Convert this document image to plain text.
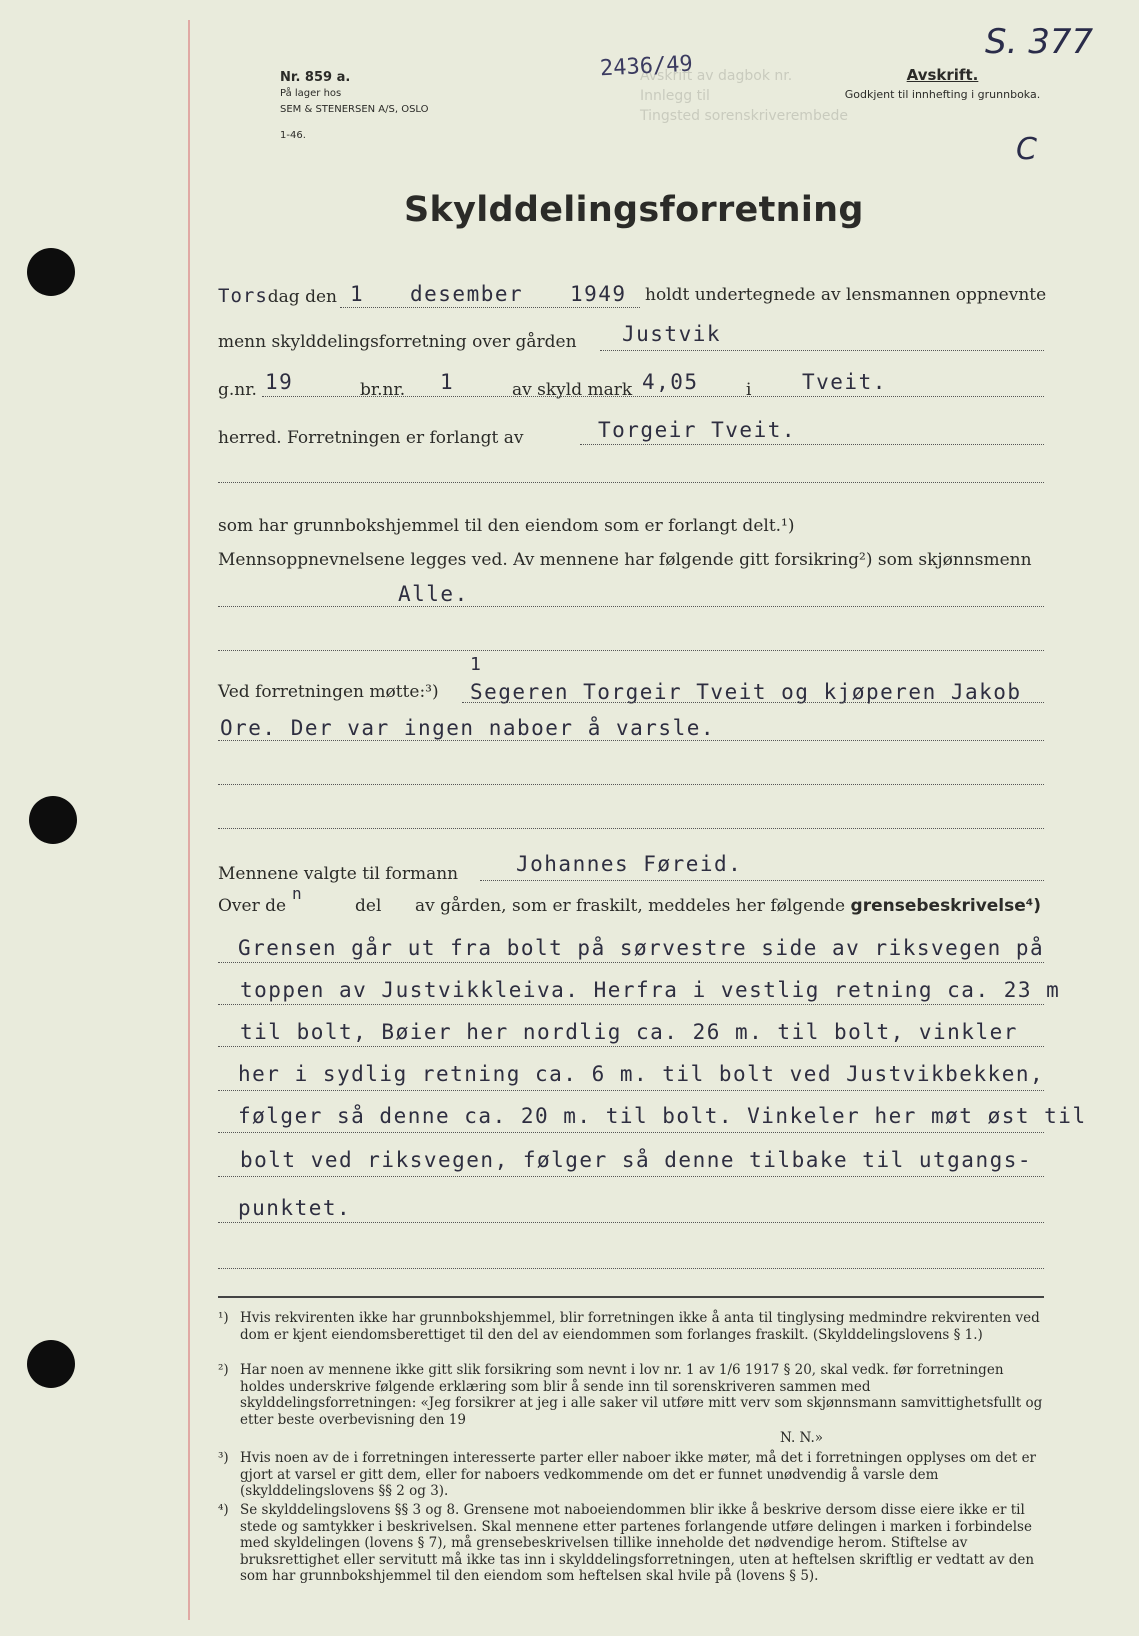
Nr. 859 a.
På lager hos
SEM & STENERSEN A/S, OSLO
1-46.
Avskrift av dagbok nr.
Innlegg til
Tingsted sorenskriverembede
2436/49
S. 377
C
Avskrift.
Godkjent til innhefting i grunnboka.
Skylddelingsforretning
Torsdag den 1 desember 1949 holdt undertegnede av lensmannen oppnevnte
menn skylddelingsforretning over gården Justvik
g.nr. 19	br.nr. 1	av skyld mark 4,05	i Tveit.
herred. Forretningen er forlangt av	Torgeir Tveit.
som har grunnbokshjemmel til den eiendom som er forlangt delt.¹)
Mennsoppnevnelsene legges ved. Av mennene har følgende gitt forsikring²) som skjønnsmenn
Alle.
Ved forretningen møtte:³)
1
Segeren Torgeir Tveit og kjøperen Jakob
Ore. Der var ingen naboer å varsle.
Mennene valgte til formann	Johannes Føreid.
Over de
n
del av gården, som er fraskilt, meddeles her følgende grensebeskrivelse⁴)
Grensen går ut fra bolt på sørvestre side av riksvegen på
toppen av Justvikkleiva. Herfra i vestlig retning ca. 23 m
til bolt, Bøier her nordlig ca. 26 m. til bolt, vinkler
her i sydlig retning ca. 6 m. til bolt ved Justvikbekken,
følger så denne ca. 20 m. til bolt. Vinkeler her møt øst til
bolt ved riksvegen, følger så denne tilbake til utgangs-
punktet.
¹) Hvis rekvirenten ikke har grunnbokshjemmel, blir forretningen ikke å anta til tinglysing medmindre rekvirenten ved dom er kjent eiendomsberettiget til den del av eiendommen som forlanges fraskilt. (Skylddelingslovens § 1.)
²) Har noen av mennene ikke gitt slik forsikring som nevnt i lov nr. 1 av 1/6 1917 § 20, skal vedk. før forretningen holdes underskrive følgende erklæring som blir å sende inn til sorenskriveren sammen med skylddelingsforretningen: «Jeg forsikrer at jeg i alle saker vil utføre mitt verv som skjønnsmann samvittighetsfullt og etter beste overbevisning den 19
N. N.»
³) Hvis noen av de i forretningen interesserte parter eller naboer ikke møter, må det i forretningen opplyses om det er gjort at varsel er gitt dem, eller for naboers vedkommende om det er funnet unødvendig å varsle dem (skylddelingslovens §§ 2 og 3).
⁴) Se skylddelingslovens §§ 3 og 8. Grensene mot naboeiendommen blir ikke å beskrive dersom disse eiere ikke er til stede og samtykker i beskrivelsen. Skal mennene etter partenes forlangende utføre delingen i marken i forbindelse med skyldelingen (lovens § 7), må grensebeskrivelsen tillike inneholde det nødvendige herom. Stiftelse av bruksrettighet eller servitutt må ikke tas inn i skylddelingsforretningen, uten at heftelsen skriftlig er vedtatt av den som har grunnbokshjemmel til den eiendom som heftelsen skal hvile på (lovens § 5).
